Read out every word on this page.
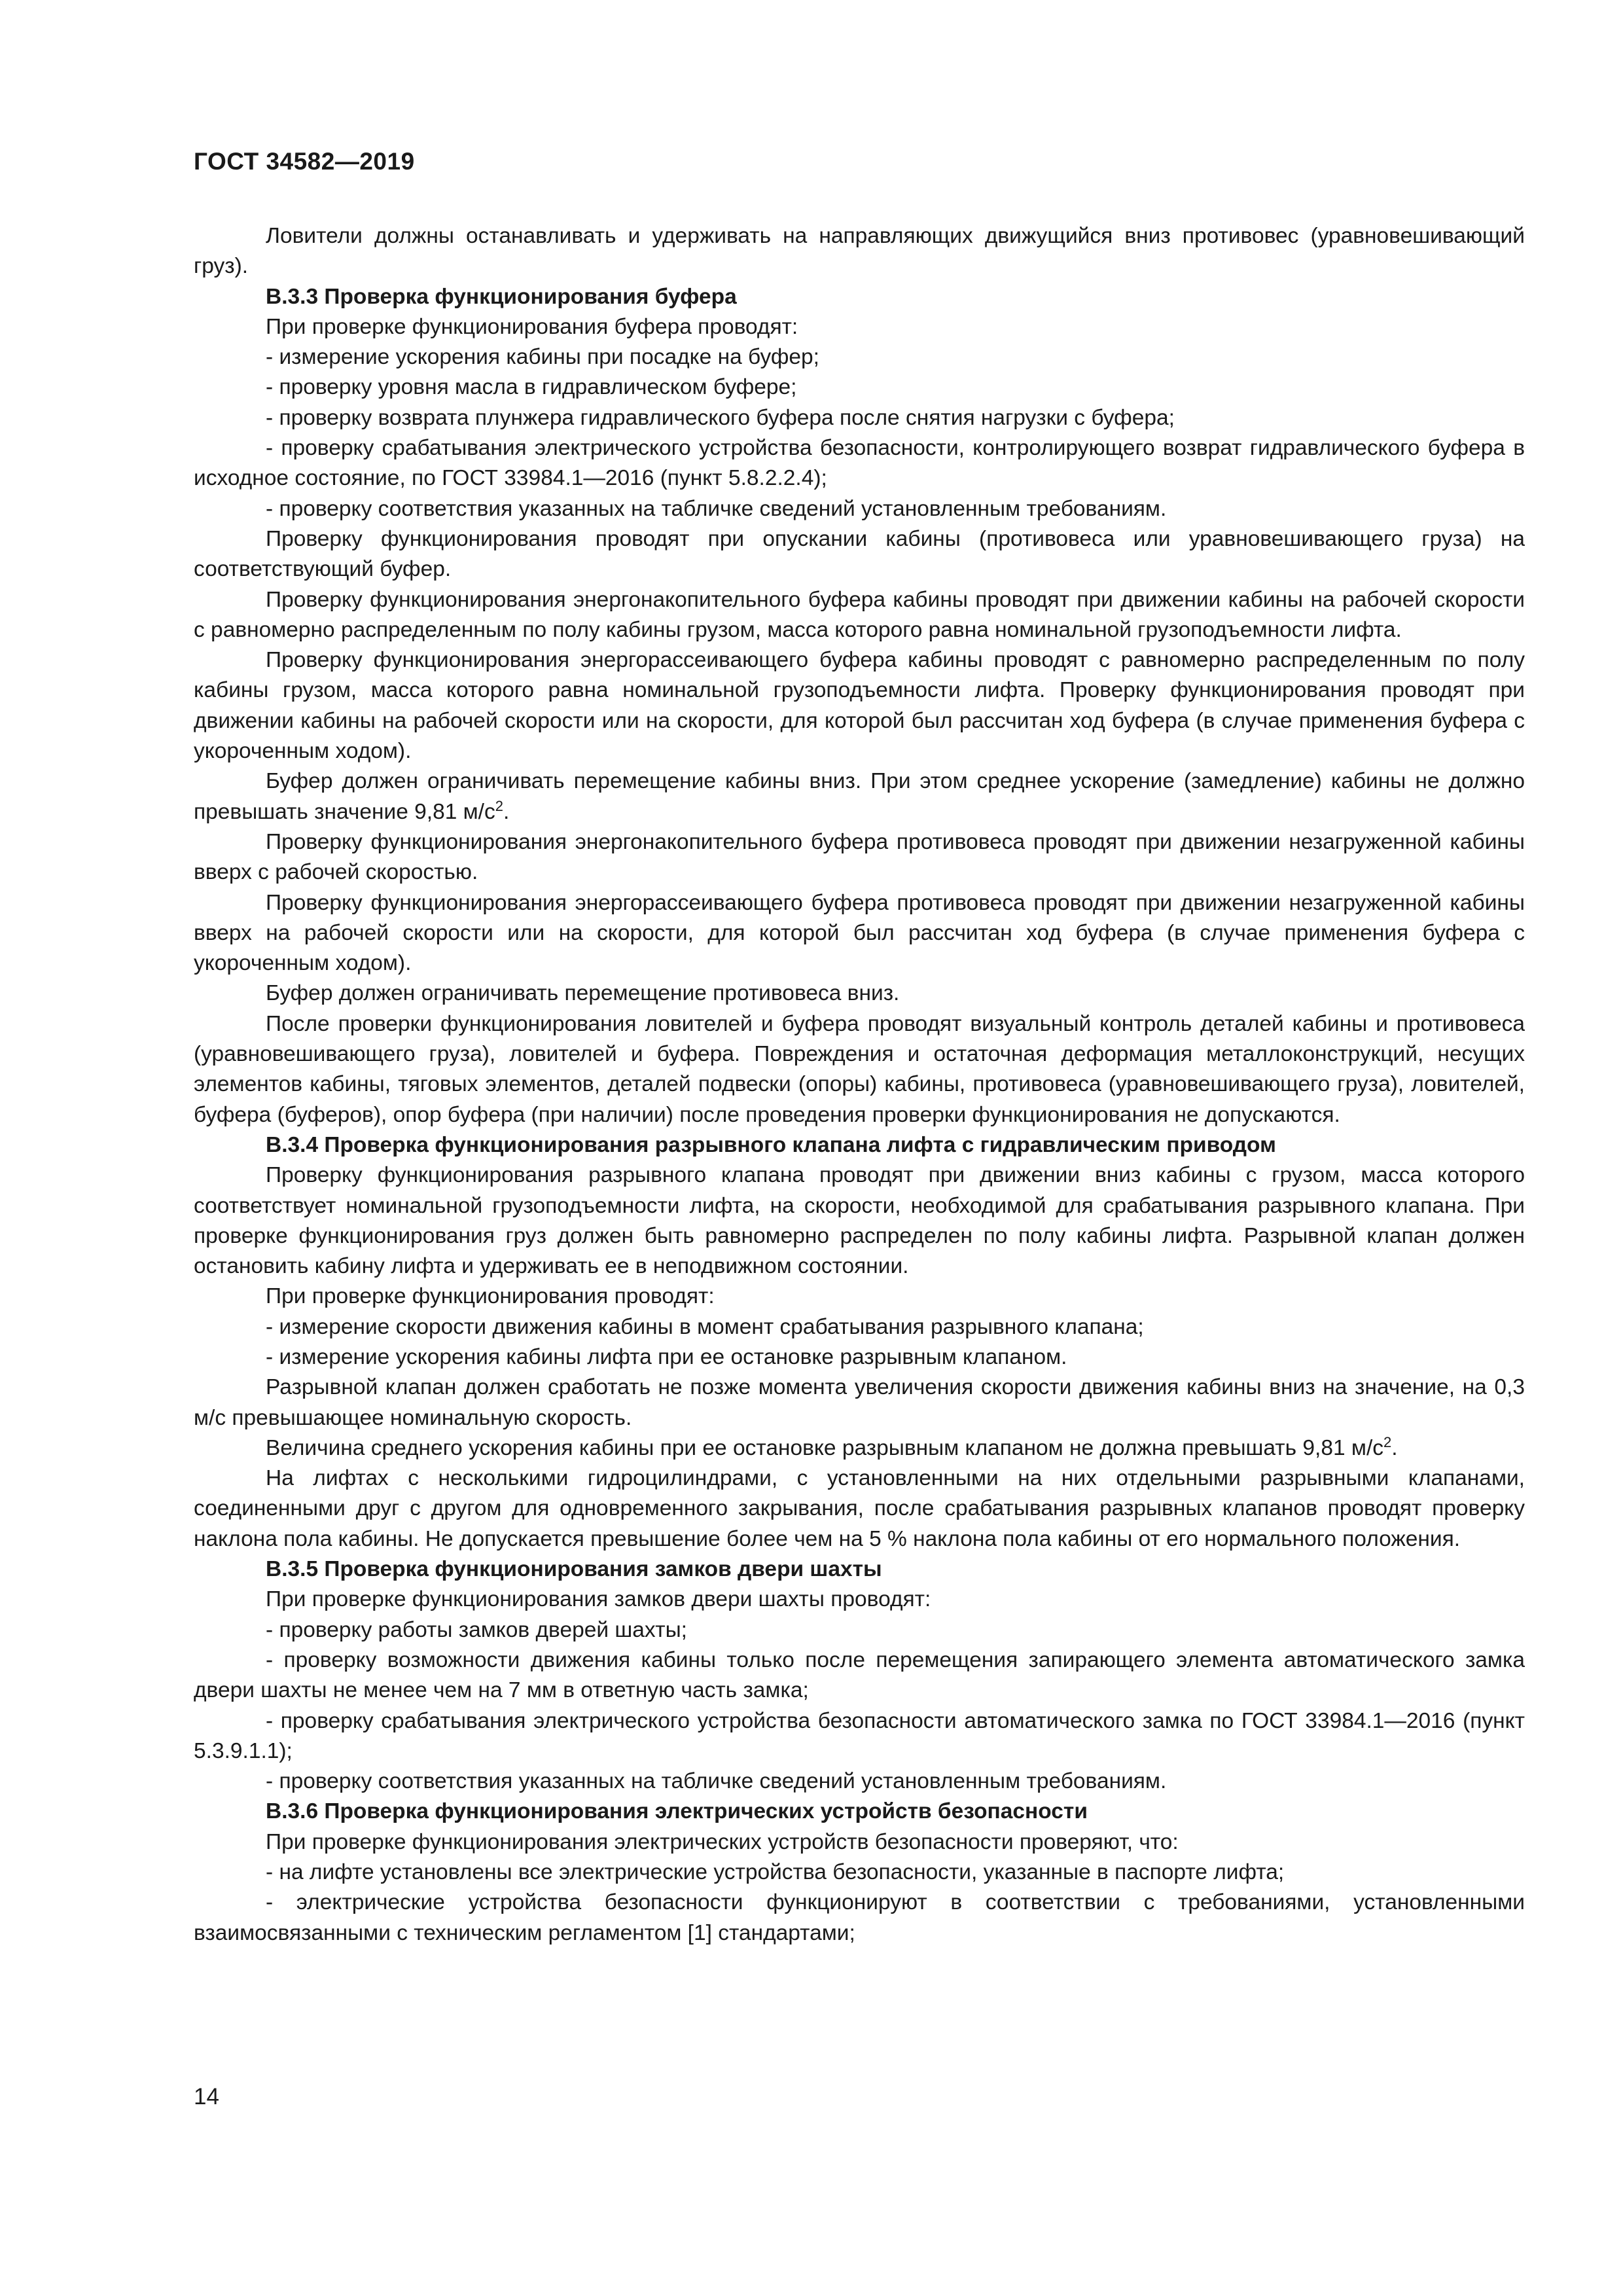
ГОСТ 34582—2019

Ловители должны останавливать и удерживать на направляющих движущийся вниз противовес (уравновешивающий груз).

В.3.3 Проверка функционирования буфера

При проверке функционирования буфера проводят:

- измерение ускорения кабины при посадке на буфер;

- проверку уровня масла в гидравлическом буфере;

- проверку возврата плунжера гидравлического буфера после снятия нагрузки с буфера;

- проверку срабатывания электрического устройства безопасности, контролирующего возврат гидравлического буфера в исходное состояние, по ГОСТ 33984.1—2016 (пункт 5.8.2.2.4);

- проверку соответствия указанных на табличке сведений установленным требованиям.

Проверку функционирования проводят при опускании кабины (противовеса или уравновешивающего груза) на соответствующий буфер.

Проверку функционирования энергонакопительного буфера кабины проводят при движении кабины на рабочей скорости с равномерно распределенным по полу кабины грузом, масса которого равна номинальной грузоподъемности лифта.

Проверку функционирования энергорассеивающего буфера кабины проводят с равномерно распределенным по полу кабины грузом, масса которого равна номинальной грузоподъемности лифта. Проверку функционирования проводят при движении кабины на рабочей скорости или на скорости, для которой был рассчитан ход буфера (в случае применения буфера с укороченным ходом).

Буфер должен ограничивать перемещение кабины вниз. При этом среднее ускорение (замедление) кабины не должно превышать значение 9,81 $м/с^2$.

Проверку функционирования энергонакопительного буфера противовеса проводят при движении незагруженной кабины вверх с рабочей скоростью.

Проверку функционирования энергорассеивающего буфера противовеса проводят при движении незагруженной кабины вверх на рабочей скорости или на скорости, для которой был рассчитан ход буфера (в случае применения буфера с укороченным ходом).

Буфер должен ограничивать перемещение противовеса вниз.

После проверки функционирования ловителей и буфера проводят визуальный контроль деталей кабины и противовеса (уравновешивающего груза), ловителей и буфера. Повреждения и остаточная деформация металлоконструкций, несущих элементов кабины, тяговых элементов, деталей подвески (опоры) кабины, противовеса (уравновешивающего груза), ловителей, буфера (буферов), опор буфера (при наличии) после проведения проверки функционирования не допускаются.

В.3.4 Проверка функционирования разрывного клапана лифта с гидравлическим приводом

Проверку функционирования разрывного клапана проводят при движении вниз кабины с грузом, масса которого соответствует номинальной грузоподъемности лифта, на скорости, необходимой для срабатывания разрывного клапана. При проверке функционирования груз должен быть равномерно распределен по полу кабины лифта. Разрывной клапан должен остановить кабину лифта и удерживать ее в неподвижном состоянии.

При проверке функционирования проводят:

- измерение скорости движения кабины в момент срабатывания разрывного клапана;

- измерение ускорения кабины лифта при ее остановке разрывным клапаном.

Разрывной клапан должен сработать не позже момента увеличения скорости движения кабины вниз на значение, на 0,3 м/с превышающее номинальную скорость.

Величина среднего ускорения кабины при ее остановке разрывным клапаном не должна превышать 9,81 $м/с^2$.

На лифтах с несколькими гидроцилиндрами, с установленными на них отдельными разрывными клапанами, соединенными друг с другом для одновременного закрывания, после срабатывания разрывных клапанов проводят проверку наклона пола кабины. Не допускается превышение более чем на 5 % наклона пола кабины от его нормального положения.

В.3.5 Проверка функционирования замков двери шахты

При проверке функционирования замков двери шахты проводят:

- проверку работы замков дверей шахты;

- проверку возможности движения кабины только после перемещения запирающего элемента автоматического замка двери шахты не менее чем на 7 мм в ответную часть замка;

- проверку срабатывания электрического устройства безопасности автоматического замка по ГОСТ 33984.1—2016 (пункт 5.3.9.1.1);

- проверку соответствия указанных на табличке сведений установленным требованиям.

В.3.6 Проверка функционирования электрических устройств безопасности

При проверке функционирования электрических устройств безопасности проверяют, что:

- на лифте установлены все электрические устройства безопасности, указанные в паспорте лифта;

- электрические устройства безопасности функционируют в соответствии с требованиями, установленными взаимосвязанными с техническим регламентом [1] стандартами;

14
